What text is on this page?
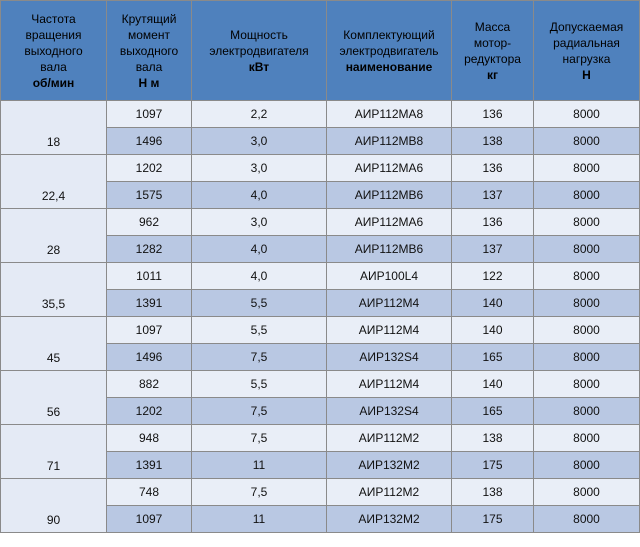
Частота
вращения
выходного
вала
об/мин	Крутящий
момент
выходного
вала
Н м	Мощность
электродвигателя
кВт	Комплектующий
электродвигатель
наименование	Масса
мотор-
редуктора
кг	Допускаемая
радиальная
нагрузка
Н

18	1097	2,2	АИР112МА8	136	8000
	1496	3,0	АИР112МВ8	138	8000
22,4	1202	3,0	АИР112МА6	136	8000
	1575	4,0	АИР112МВ6	137	8000
28	962	3,0	АИР112МА6	136	8000
	1282	4,0	АИР112МВ6	137	8000
35,5	1011	4,0	АИР100L4	122	8000
	1391	5,5	АИР112М4	140	8000
45	1097	5,5	АИР112М4	140	8000
	1496	7,5	АИР132S4	165	8000
56	882	5,5	АИР112М4	140	8000
	1202	7,5	АИР132S4	165	8000
71	948	7,5	АИР112М2	138	8000
	1391	11	АИР132М2	175	8000
90	748	7,5	АИР112М2	138	8000
	1097	11	АИР132М2	175	8000
